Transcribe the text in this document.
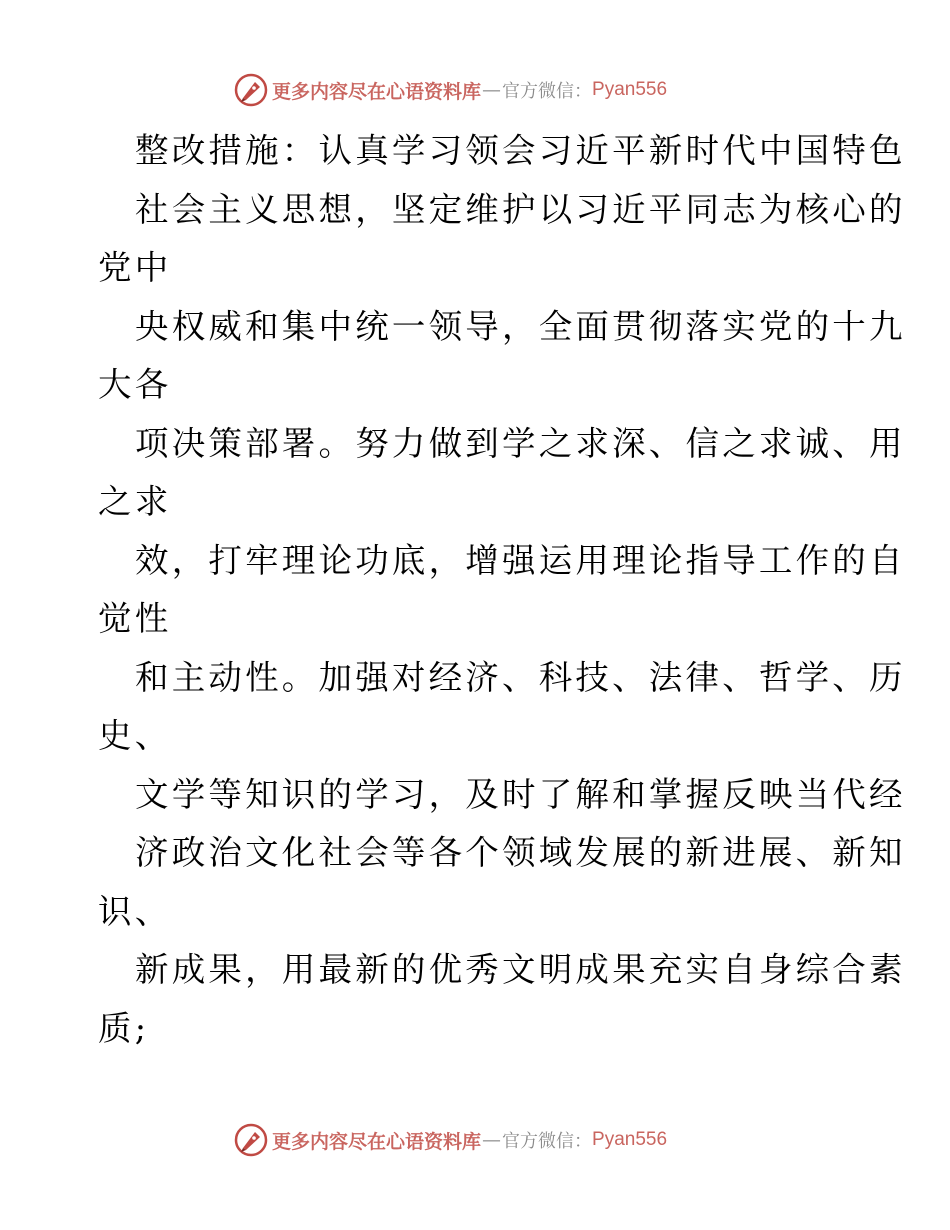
更多内容尽在心语资料库 — 官方微信： Pyan556
整改措施：认真学习领会习近平新时代中国特色
社会主义思想，坚定维护以习近平同志为核心的
党中
央权威和集中统一领导，全面贯彻落实党的十九
大各
项决策部署。努力做到学之求深、信之求诚、用
之求
效，打牢理论功底，增强运用理论指导工作的自
觉性
和主动性。加强对经济、科技、法律、哲学、历
史、
文学等知识的学习，及时了解和掌握反映当代经
济政治文化社会等各个领域发展的新进展、新知
识、
新成果，用最新的优秀文明成果充实自身综合素
质;
更多内容尽在心语资料库 — 官方微信： Pyan556
